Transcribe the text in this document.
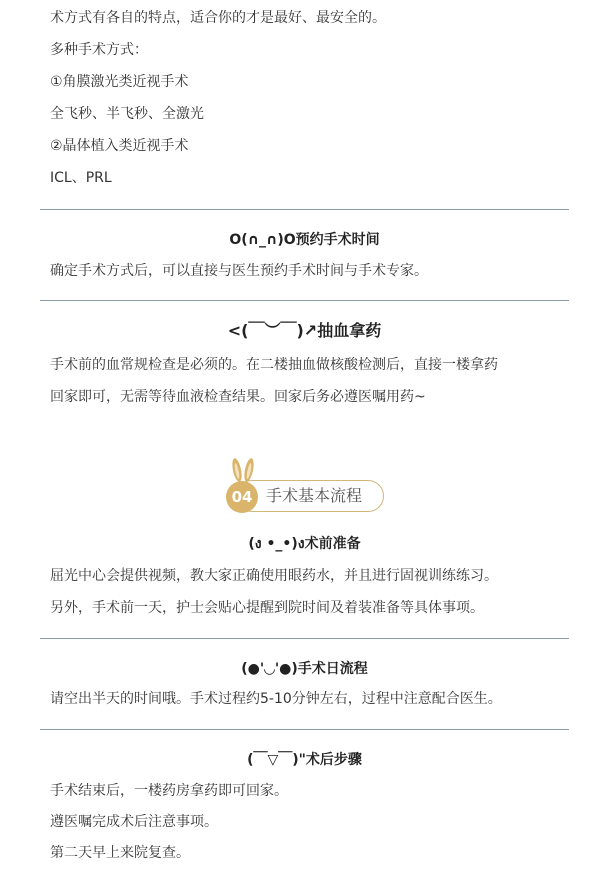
术方式有各自的特点，适合你的才是最好、最安全的。
多种手术方式：
①角膜激光类近视手术
全飞秒、半飞秒、全激光
②晶体植入类近视手术
ICL、PRL
O(∩_∩)O预约手术时间
确定手术方式后，可以直接与医生预约手术时间与手术专家。
<(￣︶￣)↗抽血拿药
手术前的血常规检查是必须的。在二楼抽血做核酸检测后，直接一楼拿药
回家即可，无需等待血液检查结果。回家后务必遵医嘱用药~
04 手术基本流程
(ง •_•)ง术前准备
屈光中心会提供视频，教大家正确使用眼药水，并且进行固视训练练习。
另外，手术前一天，护士会贴心提醒到院时间及着装准备等具体事项。
(●'◡'●)手术日流程
请空出半天的时间哦。手术过程约5-10分钟左右，过程中注意配合医生。
(￣▽￣)"术后步骤
手术结束后，一楼药房拿药即可回家。
遵医嘱完成术后注意事项。
第二天早上来院复查。
